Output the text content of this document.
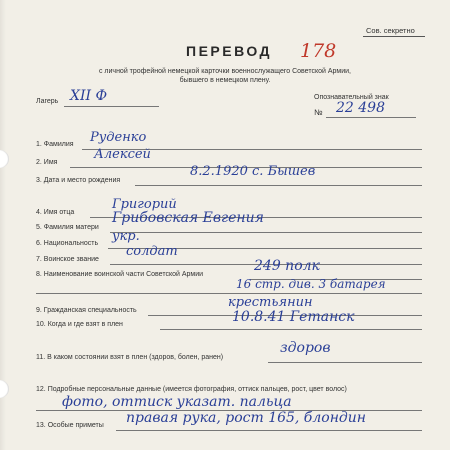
Сов. секретно
ПЕРЕВОД 178
с личной трофейной немецкой карточки военнослужащего Советской Армии,
бывшего в немецком плену.
Лагерь XII Ф	Опознавательный знак
№ 22 498
1. Фамилия Руденко
2. Имя
Алексей
3. Дата и место рождения
8.2.1920 с. Бышев
4. Имя отца
Григорий
5. Фамилия матери
Грибовская Евгения
6. Национальность укр.
7. Воинское звание
солдат
8. Наименование воинской части Советской Армии
249 полк
16 стр. див. 3 батарея
9. Гражданская специальность
крестьянин
10. Когда и где взят в плен	10.8.41 Гетанск
11. В каком состоянии взят в плен (здоров, болен, ранен)
здоров
12. Подробные персональные данные (имеется фотография, оттиск пальцев, рост, цвет волос)
фото, оттиск указат. пальца
13. Особые приметы правая рука, рост 165, блондин
